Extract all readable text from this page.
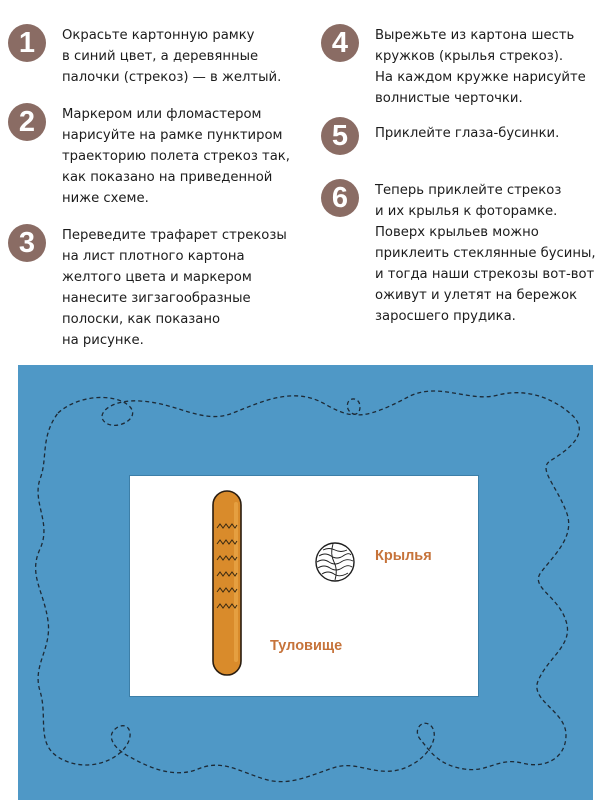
1	Окрасьте картонную рамку
в синий цвет, а деревянные
палочки (стрекоз) — в желтый.
2	Маркером или фломастером
нарисуйте на рамке пунктиром
траекторию полета стрекоз так,
как показано на приведенной
ниже схеме.
3	Переведите трафарет стрекозы
на лист плотного картона
желтого цвета и маркером
нанесите зигзагообразные
полоски, как показано
на рисунке.
4	Вырежьте из картона шесть
кружков (крылья стрекоз).
На каждом кружке нарисуйте
волнистые черточки.
5	Приклейте глаза-бусинки.
6	Теперь приклейте стрекоз
и их крылья к фоторамке.
Поверх крыльев можно
приклеить стеклянные бусины,
и тогда наши стрекозы вот-вот
оживут и улетят на бережок
заросшего прудика.
Крылья
Туловище
